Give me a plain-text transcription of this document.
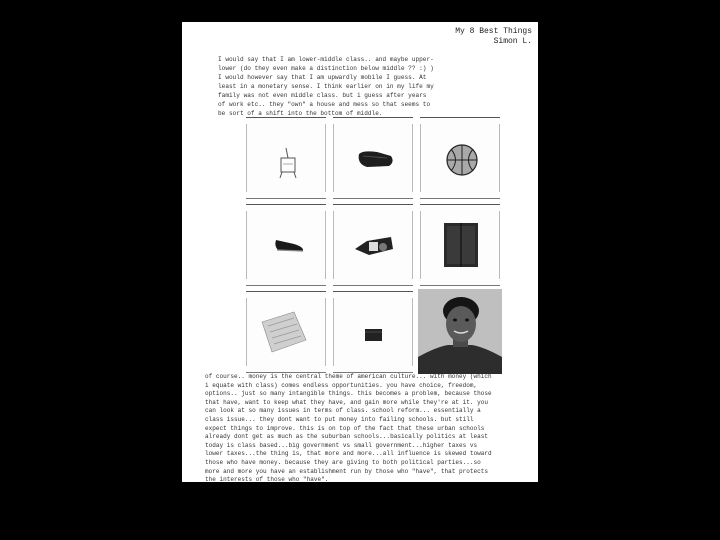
My 8 Best Things
Simon L.
I would say that I am lower-middle class.. and maybe upper-
lower (do they even make a distinction below middle ?? :) )
I would however say that I am upwardly mobile I guess. At
least in a monetary sense. I think earlier on in my life my
family was not even middle class. but i guess after years
of work etc.. they "own" a house and mess so that seems to
be sort of a shift into the bottom of middle.
of course.. money is the central theme of american culture... with money (which
i equate with class) comes endless opportunities. you have choice, freedom,
options.. just so many intangible things. this becomes a problem, because those
that have, want to keep what they have, and gain more while they're at it. you
can look at so many issues in terms of class. school reform... essentially a
class issue... they dont want to put money into failing schools. but still
expect things to improve. this is on top of the fact that these urban schools
already dont get as much as the suburban schools...basically politics at least
today is class based...big government vs small government...higher taxes vs
lower taxes...the thing is, that more and more...all influence is skewed toward
those who have money. because they are giving to both political parties...so
more and more you have an establishment run by those who "have", that protects
the interests of those who "have".
